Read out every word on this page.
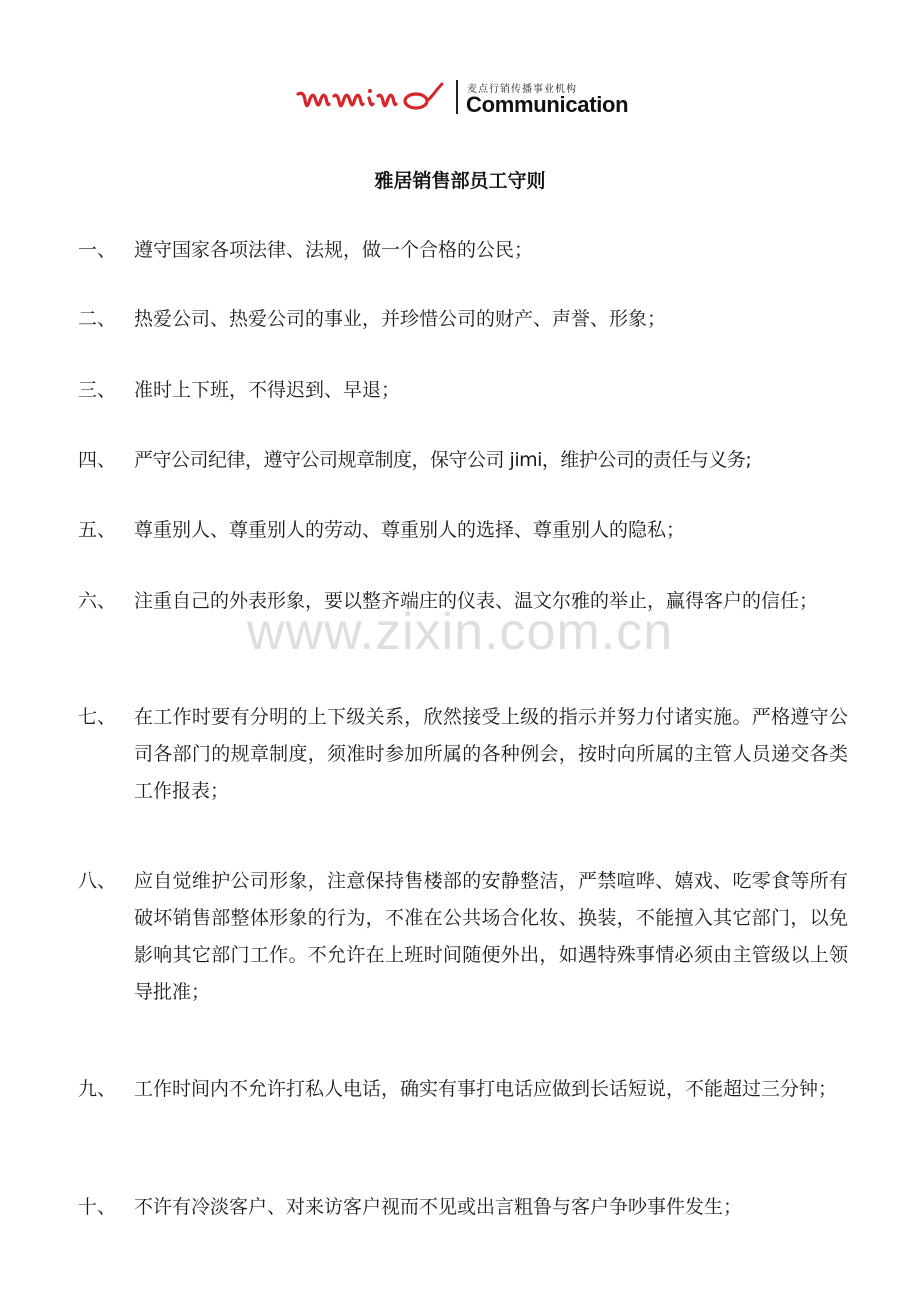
麦点行销传播事业机构
Communication
雅居销售部员工守则
一、 遵守国家各项法律、法规，做一个合格的公民；
二、 热爱公司、热爱公司的事业，并珍惜公司的财产、声誉、形象；
三、 准时上下班，不得迟到、早退；
四、 严守公司纪律，遵守公司规章制度，保守公司 jimi，维护公司的责任与义务;
五、 尊重别人、尊重别人的劳动、尊重别人的选择、尊重别人的隐私；
六、 注重自己的外表形象，要以整齐端庄的仪表、温文尔雅的举止，赢得客户的信任；
七、 在工作时要有分明的上下级关系，欣然接受上级的指示并努力付诸实施。严格遵守公司各部门的规章制度，须准时参加所属的各种例会，按时向所属的主管人员递交各类工作报表；
八、 应自觉维护公司形象，注意保持售楼部的安静整洁，严禁喧哗、嬉戏、吃零食等所有破坏销售部整体形象的行为，不准在公共场合化妆、换装，不能擅入其它部门，以免影响其它部门工作。不允许在上班时间随便外出，如遇特殊事情必须由主管级以上领导批准；
九、 工作时间内不允许打私人电话，确实有事打电话应做到长话短说，不能超过三分钟；
十、 不许有冷淡客户、对来访客户视而不见或出言粗鲁与客户争吵事件发生；
www.zixin.com.cn
